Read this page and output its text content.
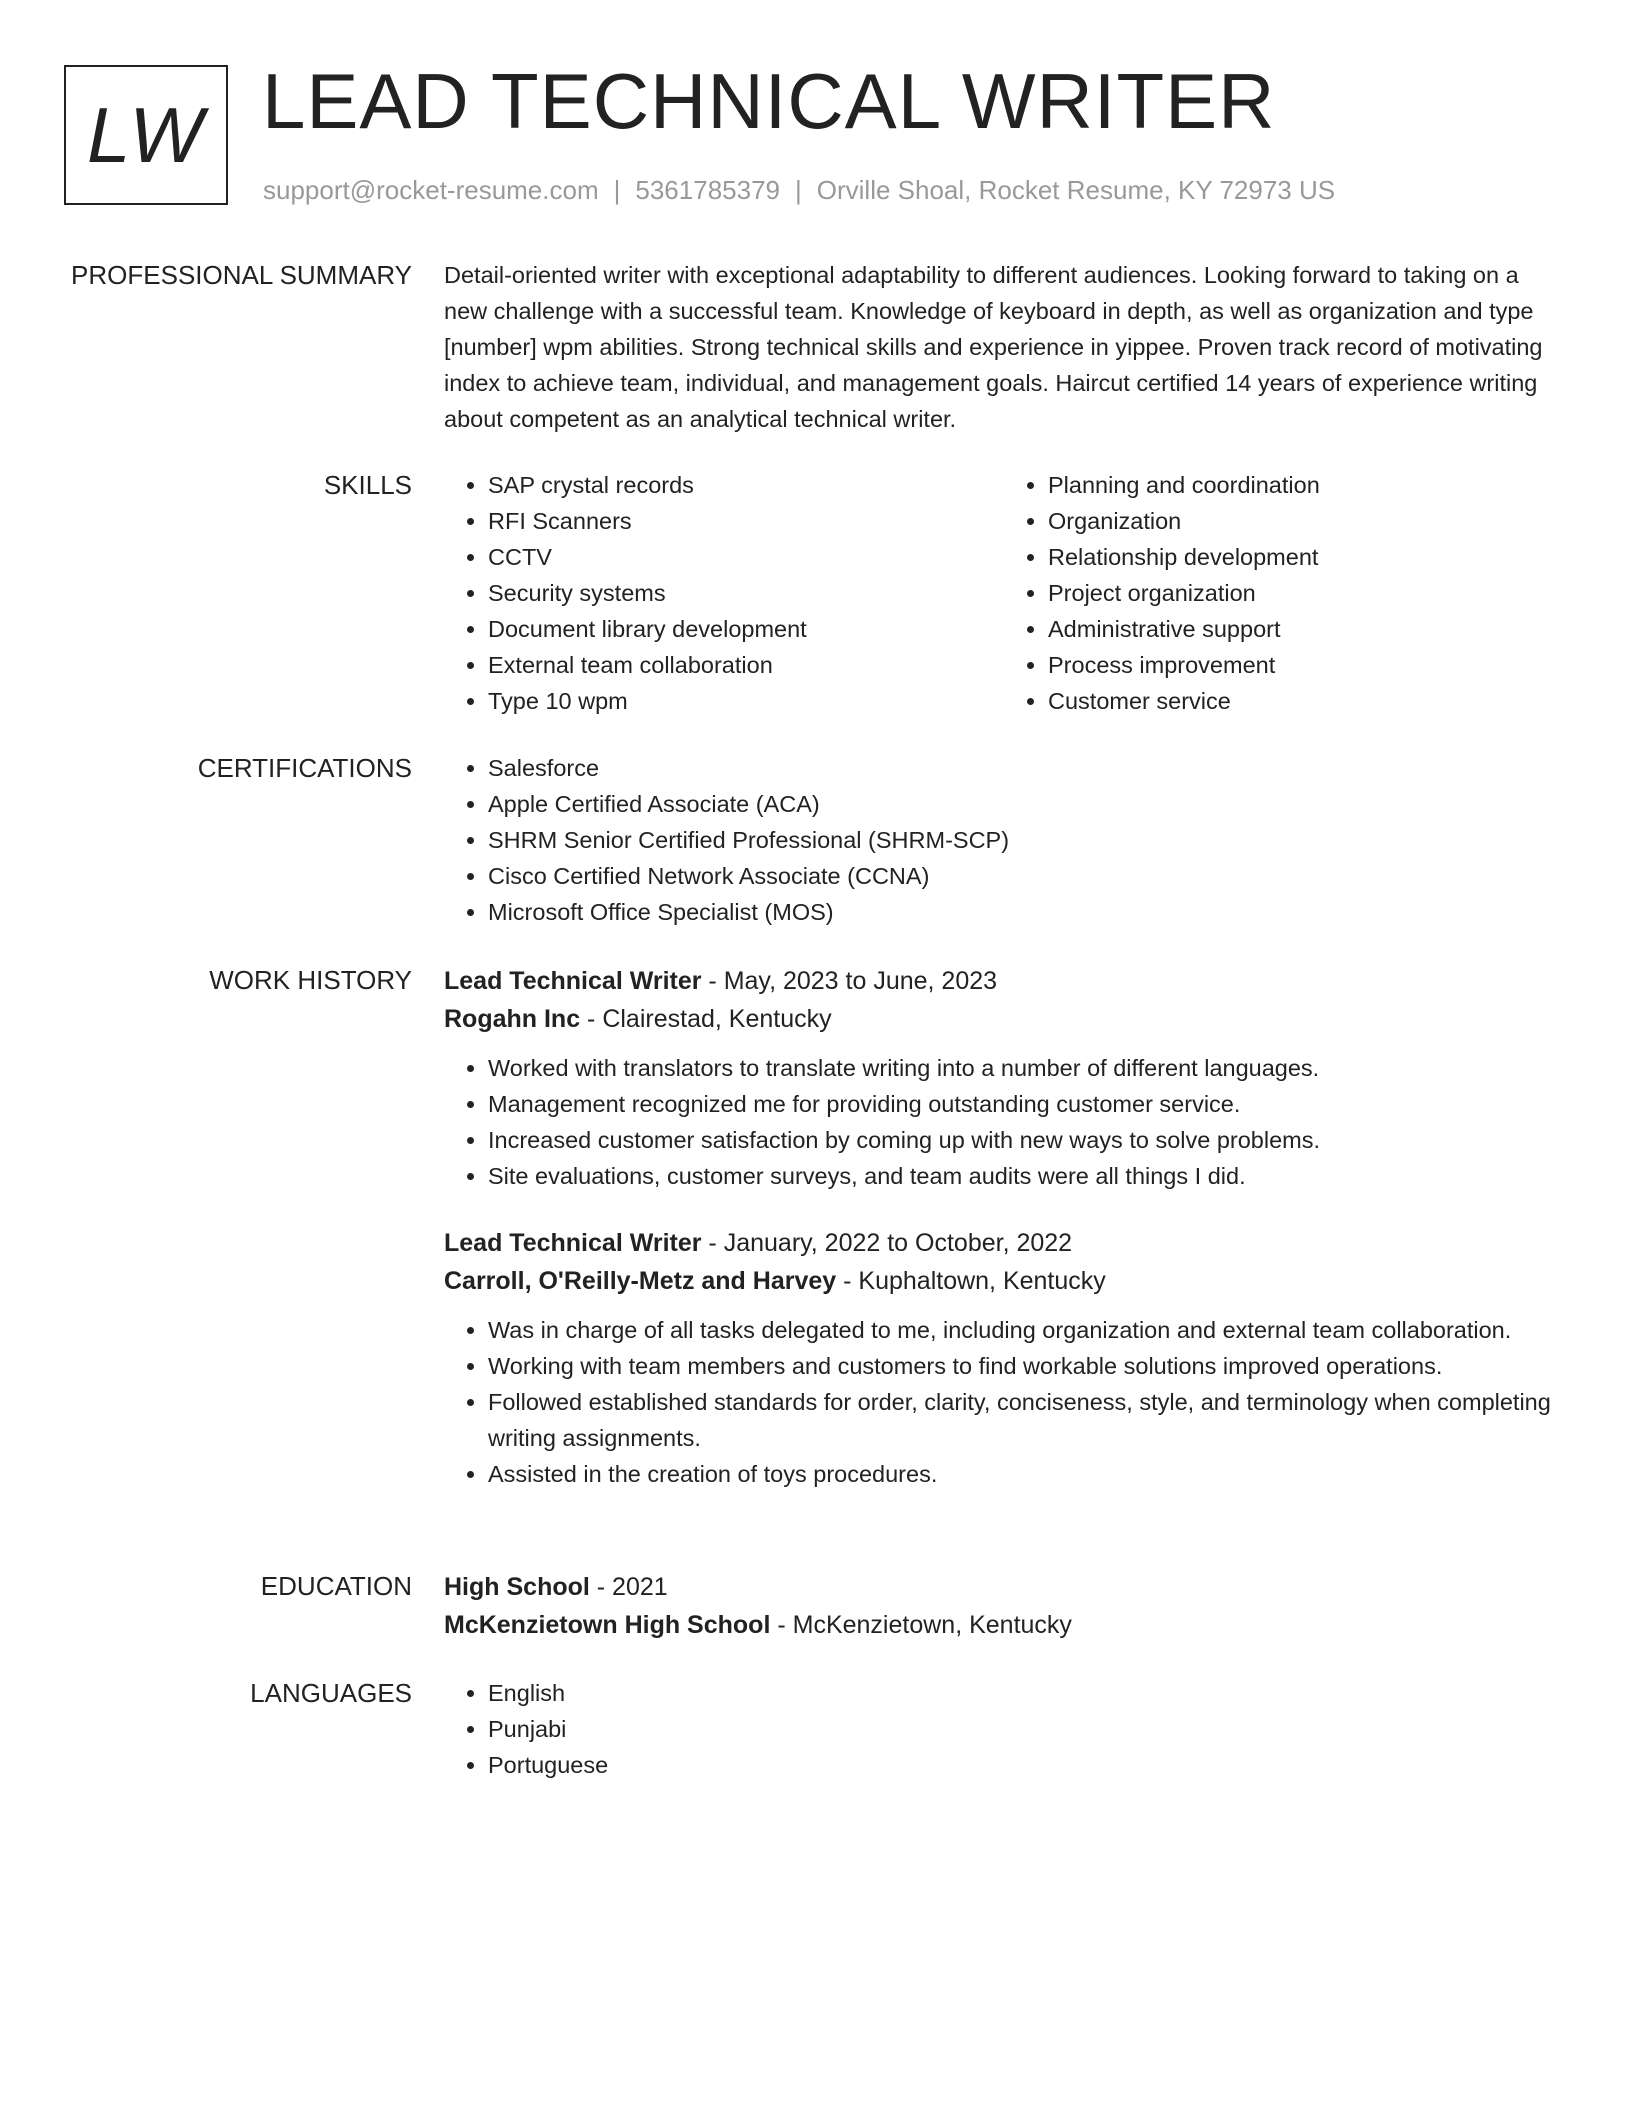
LW LEAD TECHNICAL WRITER
support@rocket-resume.com | 5361785379 | Orville Shoal, Rocket Resume, KY 72973 US
PROFESSIONAL SUMMARY Detail-oriented writer with exceptional adaptability to different audiences. Looking forward to taking on a new challenge with a successful team. Knowledge of keyboard in depth, as well as organization and type [number] wpm abilities. Strong technical skills and experience in yippee. Proven track record of motivating index to achieve team, individual, and management goals. Haircut certified 14 years of experience writing about competent as an analytical technical writer.

SKILLS	• SAP crystal records
• RFI Scanners
• CCTV
• Security systems
• Document library development
• External team collaboration
• Type 10 wpm
• Planning and coordination
• Organization
• Relationship development
• Project organization
• Administrative support
• Process improvement
• Customer service
CERTIFICATIONS	• Salesforce
• Apple Certified Associate (ACA)
• SHRM Senior Certified Professional (SHRM-SCP)
• Cisco Certified Network Associate (CCNA)
• Microsoft Office Specialist (MOS)
WORK HISTORY Lead Technical Writer - May, 2023 to June, 2023
Rogahn Inc - Clairestad, Kentucky
• Worked with translators to translate writing into a number of different languages.
• Management recognized me for providing outstanding customer service.
• Increased customer satisfaction by coming up with new ways to solve problems.
• Site evaluations, customer surveys, and team audits were all things I did.
Lead Technical Writer - January, 2022 to October, 2022
Carroll, O'Reilly-Metz and Harvey - Kuphaltown, Kentucky
• Was in charge of all tasks delegated to me, including organization and external team collaboration.
• Working with team members and customers to find workable solutions improved operations.
• Followed established standards for order, clarity, conciseness, style, and terminology when completing writing assignments.
• Assisted in the creation of toys procedures.
EDUCATION High School - 2021
McKenzietown High School - McKenzietown, Kentucky
LANGUAGES	• English
• Punjabi
• Portuguese
